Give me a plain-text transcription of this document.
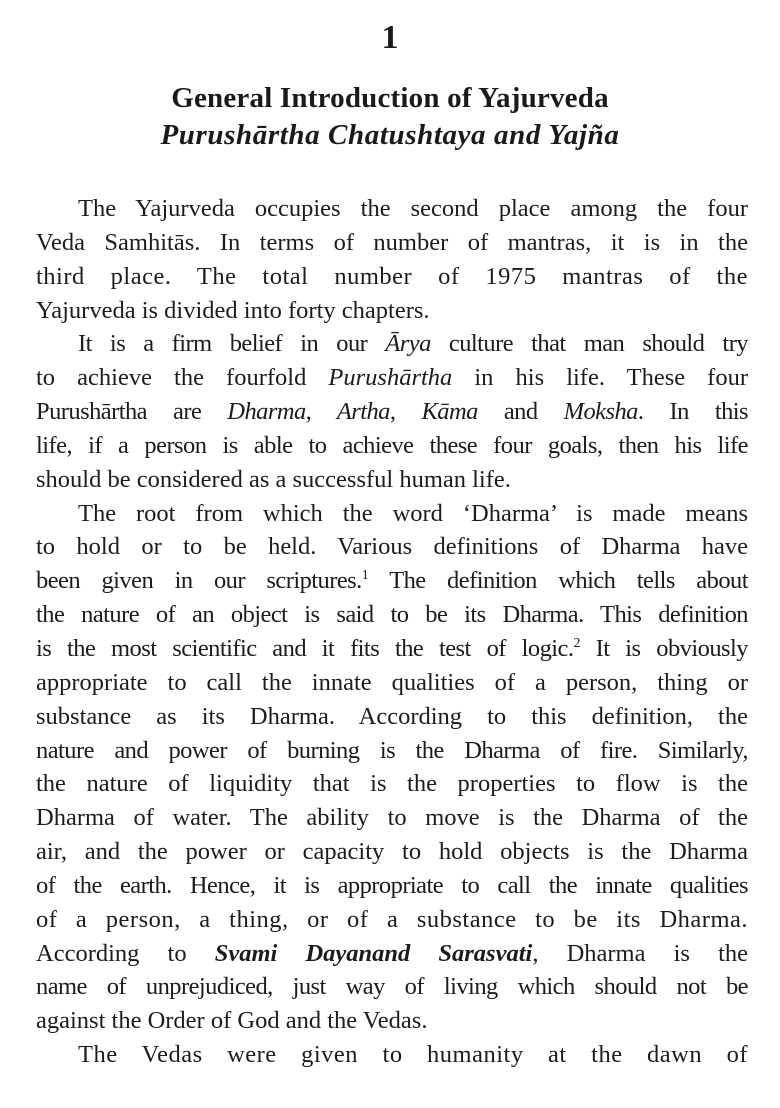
1
General Introduction of Yajurveda
Purushārtha Chatushtaya and Yajña
The Yajurveda occupies the second place among the four
Veda Samhitās. In terms of number of mantras, it is in the
third place. The total number of 1975 mantras of the
Yajurveda is divided into forty chapters.
It is a firm belief in our Ārya culture that man should try
to achieve the fourfold Purushārtha in his life. These four
Purushārtha are Dharma, Artha, Kāma and Moksha. In this
life, if a person is able to achieve these four goals, then his life
should be considered as a successful human life.
The root from which the word ‘Dharma’ is made means
to hold or to be held. Various definitions of Dharma have
been given in our scriptures.$^1$ The definition which tells about
the nature of an object is said to be its Dharma. This definition
is the most scientific and it fits the test of logic.$^2$ It is obviously
appropriate to call the innate qualities of a person, thing or
substance as its Dharma. According to this definition, the
nature and power of burning is the Dharma of fire. Similarly,
the nature of liquidity that is the properties to flow is the
Dharma of water. The ability to move is the Dharma of the
air, and the power or capacity to hold objects is the Dharma
of the earth. Hence, it is appropriate to call the innate qualities
of a person, a thing, or of a substance to be its Dharma.
According to Svami Dayanand Sarasvati, Dharma is the
name of unprejudiced, just way of living which should not be
against the Order of God and the Vedas.
The Vedas were given to humanity at the dawn of
